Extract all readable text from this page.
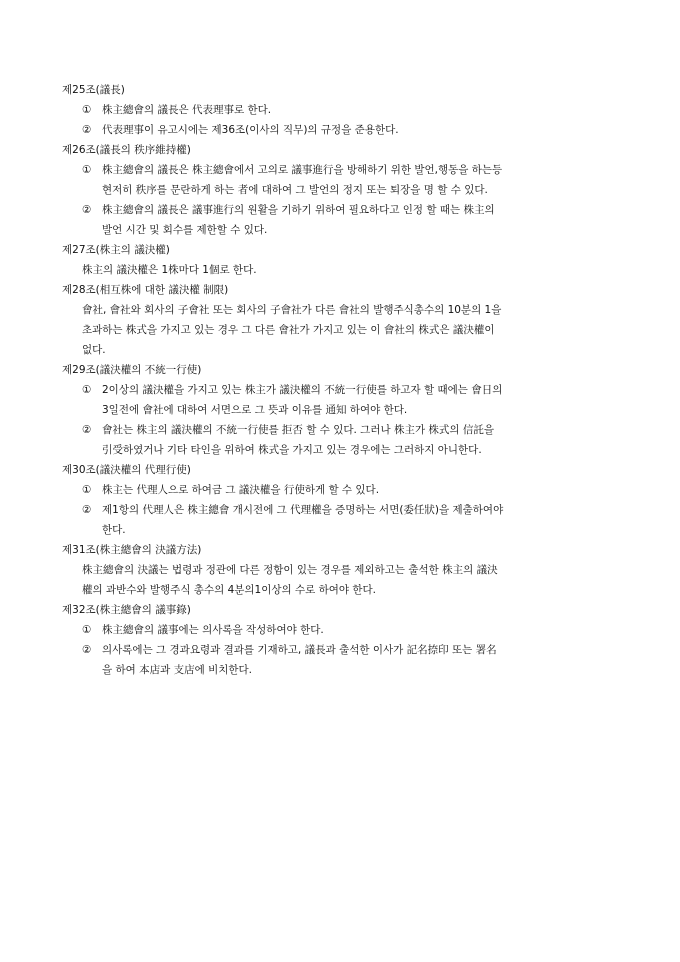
제25조(議長)
① 株主總會의 議長은 代表理事로 한다.
② 代表理事이 유고시에는 제36조(이사의 직무)의 규정을 준용한다.
제26조(議長의 秩序維持權)
① 株主總會의 議長은 株主總會에서 고의로 議事進行을 방해하기 위한 발언,행동을 하는등
현저히 秩序를 문란하게 하는 者에 대하여 그 발언의 정지 또는 퇴장을 명 할 수 있다.
② 株主總會의 議長은 議事進行의 원활을 기하기 위하여 필요하다고 인정 할 때는 株主의
발언 시간 및 회수를 제한할 수 있다.
제27조(株主의 議決權)
株主의 議決權은 1株마다 1個로 한다.
제28조(相互株에 대한 議決權 制限)
會社, 會社와 회사의 子會社 또는 회사의 子會社가 다른 會社의 발행주식총수의 10분의 1을
초과하는 株式을 가지고 있는 경우 그 다른 會社가 가지고 있는 이 會社의 株式은 議決權이
없다.
제29조(議決權의 不統一行使)
① 2이상의 議決權을 가지고 있는 株主가 議決權의 不統一行使를 하고자 할 때에는 會日의
3일전에 會社에 대하여 서면으로 그 뜻과 이유를 通知 하여야 한다.
② 會社는 株主의 議決權의 不統一行使를 拒否 할 수 있다. 그러나 株主가 株式의 信託을
引受하였거나 기타 타인을 위하여 株式을 가지고 있는 경우에는 그러하지 아니한다.
제30조(議決權의 代理行使)
① 株主는 代理人으로 하여금 그 議決權을 行使하게 할 수 있다.
② 제1항의 代理人은 株主總會 개시전에 그 代理權을 증명하는 서면(委任狀)을 제출하여야
한다.
제31조(株主總會의 決議方法)
株主總會의 決議는 법령과 정관에 다른 정함이 있는 경우를 제외하고는 출석한 株主의 議決
權의 과반수와 발행주식 총수의 4분의1이상의 수로 하여야 한다.
제32조(株主總會의 議事錄)
① 株主總會의 議事에는 의사록을 작성하여야 한다.
② 의사록에는 그 경과요령과 결과를 기재하고, 議長과 출석한 이사가 記名捺印 또는 署名
을 하여 本店과 支店에 비치한다.
